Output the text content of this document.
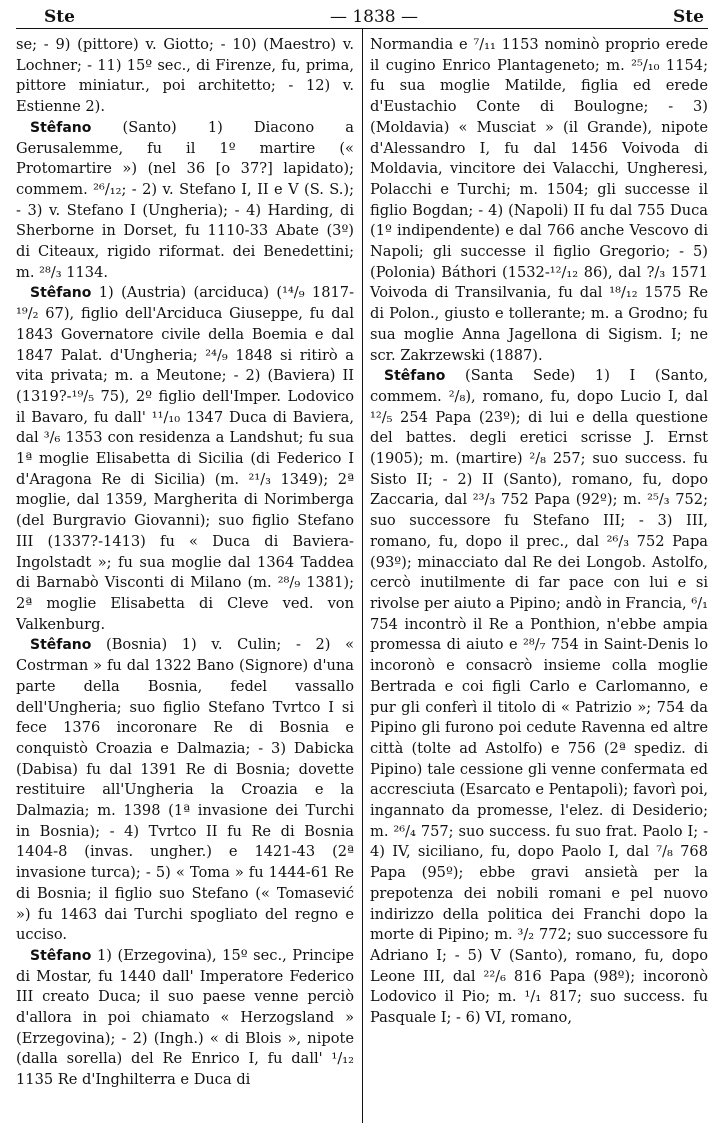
Ste	— 1838 —	Ste

se; - 9) (pittore) v. Giotto; - 10) (Maestro) v. Lochner; - 11) 15º sec., di Firenze, fu, prima, pittore miniatur., poi architetto; - 12) v. Estienne 2).

Stêfano (Santo) 1) Diacono a Gerusalemme, fu il 1º martire (« Protomartire ») (nel 36 [o 37?] lapidato); commem. ²⁶/₁₂; - 2) v. Stefano I, II e V (S. S.); - 3) v. Stefano I (Ungheria); - 4) Harding, di Sherborne in Dorset, fu 1110-33 Abate (3º) di Citeaux, rigido riformat. dei Benedettini; m. ²⁸/₃ 1134.

Stêfano 1) (Austria) (arciduca) (¹⁴/₉ 1817-¹⁹/₂ 67), figlio dell'Arciduca Giuseppe, fu dal 1843 Governatore civile della Boemia e dal 1847 Palat. d'Ungheria; ²⁴/₉ 1848 si ritirò a vita privata; m. a Meutone; - 2) (Baviera) II (1319?-¹⁹/₅ 75), 2º figlio dell'Imper. Lodovico il Bavaro, fu dall' ¹¹/₁₀ 1347 Duca di Baviera, dal ³/₆ 1353 con residenza a Landshut; fu sua 1ª moglie Elisabetta di Sicilia (di Federico I d'Aragona Re di Sicilia) (m. ²¹/₃ 1349); 2ª moglie, dal 1359, Margherita di Norimberga (del Burgravio Giovanni); suo figlio Stefano III (1337?-1413) fu « Duca di Baviera-Ingolstadt »; fu sua moglie dal 1364 Taddea di Barnabò Visconti di Milano (m. ²⁸/₉ 1381); 2ª moglie Elisabetta di Cleve ved. von Valkenburg.

Stêfano (Bosnia) 1) v. Culin; - 2) « Costrman » fu dal 1322 Bano (Signore) d'una parte della Bosnia, fedel vassallo dell'Ungheria; suo figlio Stefano Tvrtco I si fece 1376 incoronare Re di Bosnia e conquistò Croazia e Dalmazia; - 3) Dabicka (Dabisa) fu dal 1391 Re di Bosnia; dovette restituire all'Ungheria la Croazia e la Dalmazia; m. 1398 (1ª invasione dei Turchi in Bosnia); - 4) Tvrtco II fu Re di Bosnia 1404-8 (invas. ungher.) e 1421-43 (2ª invasione turca); - 5) « Toma » fu 1444-61 Re di Bosnia; il figlio suo Stefano (« Tomasević ») fu 1463 dai Turchi spogliato del regno e ucciso.

Stêfano 1) (Erzegovina), 15º sec., Principe di Mostar, fu 1440 dall' Imperatore Federico III creato Duca; il suo paese venne perciò d'allora in poi chiamato « Herzogsland » (Erzegovina); - 2) (Ingh.) « di Blois », nipote (dalla sorella) del Re Enrico I, fu dall' ¹/₁₂ 1135 Re d'Inghilterra e Duca di

Normandia e ⁷/₁₁ 1153 nominò proprio erede il cugino Enrico Plantageneto; m. ²⁵/₁₀ 1154; fu sua moglie Matilde, figlia ed erede d'Eustachio Conte di Boulogne; - 3) (Moldavia) « Musciat » (il Grande), nipote d'Alessandro I, fu dal 1456 Voivoda di Moldavia, vincitore dei Valacchi, Ungheresi, Polacchi e Turchi; m. 1504; gli successe il figlio Bogdan; - 4) (Napoli) II fu dal 755 Duca (1º indipendente) e dal 766 anche Vescovo di Napoli; gli successe il figlio Gregorio; - 5) (Polonia) Báthori (1532-¹²/₁₂ 86), dal ?/₃ 1571 Voivoda di Transilvania, fu dal ¹⁸/₁₂ 1575 Re di Polon., giusto e tollerante; m. a Grodno; fu sua moglie Anna Jagellona di Sigism. I; ne scr. Zakrzewski (1887).

Stêfano (Santa Sede) 1) I (Santo, commem. ²/₈), romano, fu, dopo Lucio I, dal ¹²/₅ 254 Papa (23º); di lui e della questione del battes. degli eretici scrisse J. Ernst (1905); m. (martire) ²/₈ 257; suo success. fu Sisto II; - 2) II (Santo), romano, fu, dopo Zaccaria, dal ²³/₃ 752 Papa (92º); m. ²⁵/₃ 752; suo successore fu Stefano III; - 3) III, romano, fu, dopo il prec., dal ²⁶/₃ 752 Papa (93º); minacciato dal Re dei Longob. Astolfo, cercò inutilmente di far pace con lui e si rivolse per aiuto a Pipino; andò in Francia, ⁶/₁ 754 incontrò il Re a Ponthion, n'ebbe ampia promessa di aiuto e ²⁸/₇ 754 in Saint-Denis lo incoronò e consacrò insieme colla moglie Bertrada e coi figli Carlo e Carlomanno, e pur gli conferì il titolo di « Patrizio »; 754 da Pipino gli furono poi cedute Ravenna ed altre città (tolte ad Astolfo) e 756 (2ª spediz. di Pipino) tale cessione gli venne confermata ed accresciuta (Esarcato e Pentapoli); favorì poi, ingannato da promesse, l'elez. di Desiderio; m. ²⁶/₄ 757; suo success. fu suo frat. Paolo I; - 4) IV, siciliano, fu, dopo Paolo I, dal ⁷/₈ 768 Papa (95º); ebbe gravi ansietà per la prepotenza dei nobili romani e pel nuovo indirizzo della politica dei Franchi dopo la morte di Pipino; m. ³/₂ 772; suo successore fu Adriano I; - 5) V (Santo), romano, fu, dopo Leone III, dal ²²/₆ 816 Papa (98º); incoronò Lodovico il Pio; m. ¹/₁ 817; suo success. fu Pasquale I; - 6) VI, romano,
